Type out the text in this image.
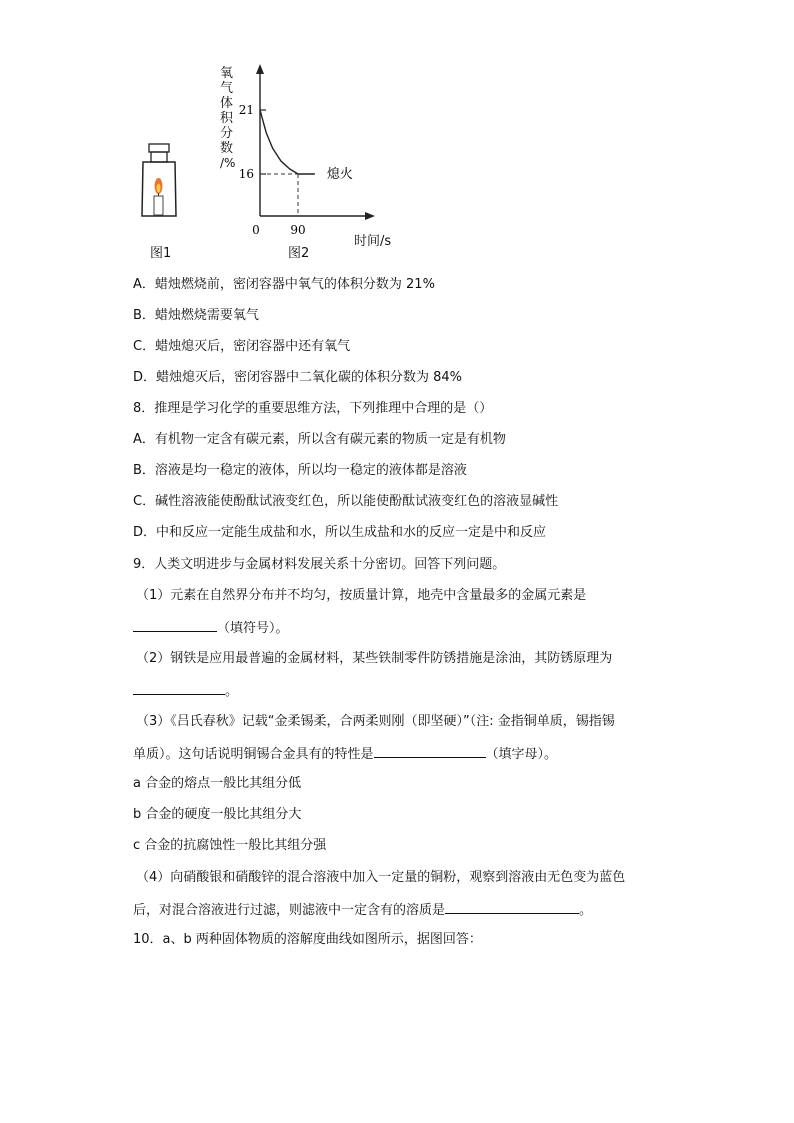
21
16
0	90
熄火
氧
气
体
积
分
数
/%
图1	图2
时间/s
A．蜡烛燃烧前，密闭容器中氧气的体积分数为 21%
B．蜡烛燃烧需要氧气
C．蜡烛熄灭后，密闭容器中还有氧气
D．蜡烛熄灭后，密闭容器中二氧化碳的体积分数为 84%
8．推理是学习化学的重要思维方法，下列推理中合理的是（）
A．有机物一定含有碳元素，所以含有碳元素的物质一定是有机物
B．溶液是均一稳定的液体，所以均一稳定的液体都是溶液
C．碱性溶液能使酚酞试液变红色，所以能使酚酞试液变红色的溶液显碱性
D．中和反应一定能生成盐和水，所以生成盐和水的反应一定是中和反应
9．人类文明进步与金属材料发展关系十分密切。回答下列问题。
（1）元素在自然界分布并不均匀，按质量计算，地壳中含量最多的金属元素是
（填符号）。
（2）钢铁是应用最普遍的金属材料，某些铁制零件防锈措施是涂油，其防锈原理为
。
（3）《吕氏春秋》记载“金柔锡柔，合两柔则刚（即坚硬）”（注: 金指铜单质，锡指锡
单质）。这句话说明铜锡合金具有的特性是	（填字母）。
a 合金的熔点一般比其组分低
b 合金的硬度一般比其组分大
c 合金的抗腐蚀性一般比其组分强
（4）向硝酸银和硝酸锌的混合溶液中加入一定量的铜粉，观察到溶液由无色变为蓝色
后，对混合溶液进行过滤，则滤液中一定含有的溶质是	。
10．a、b 两种固体物质的溶解度曲线如图所示，据图回答：
